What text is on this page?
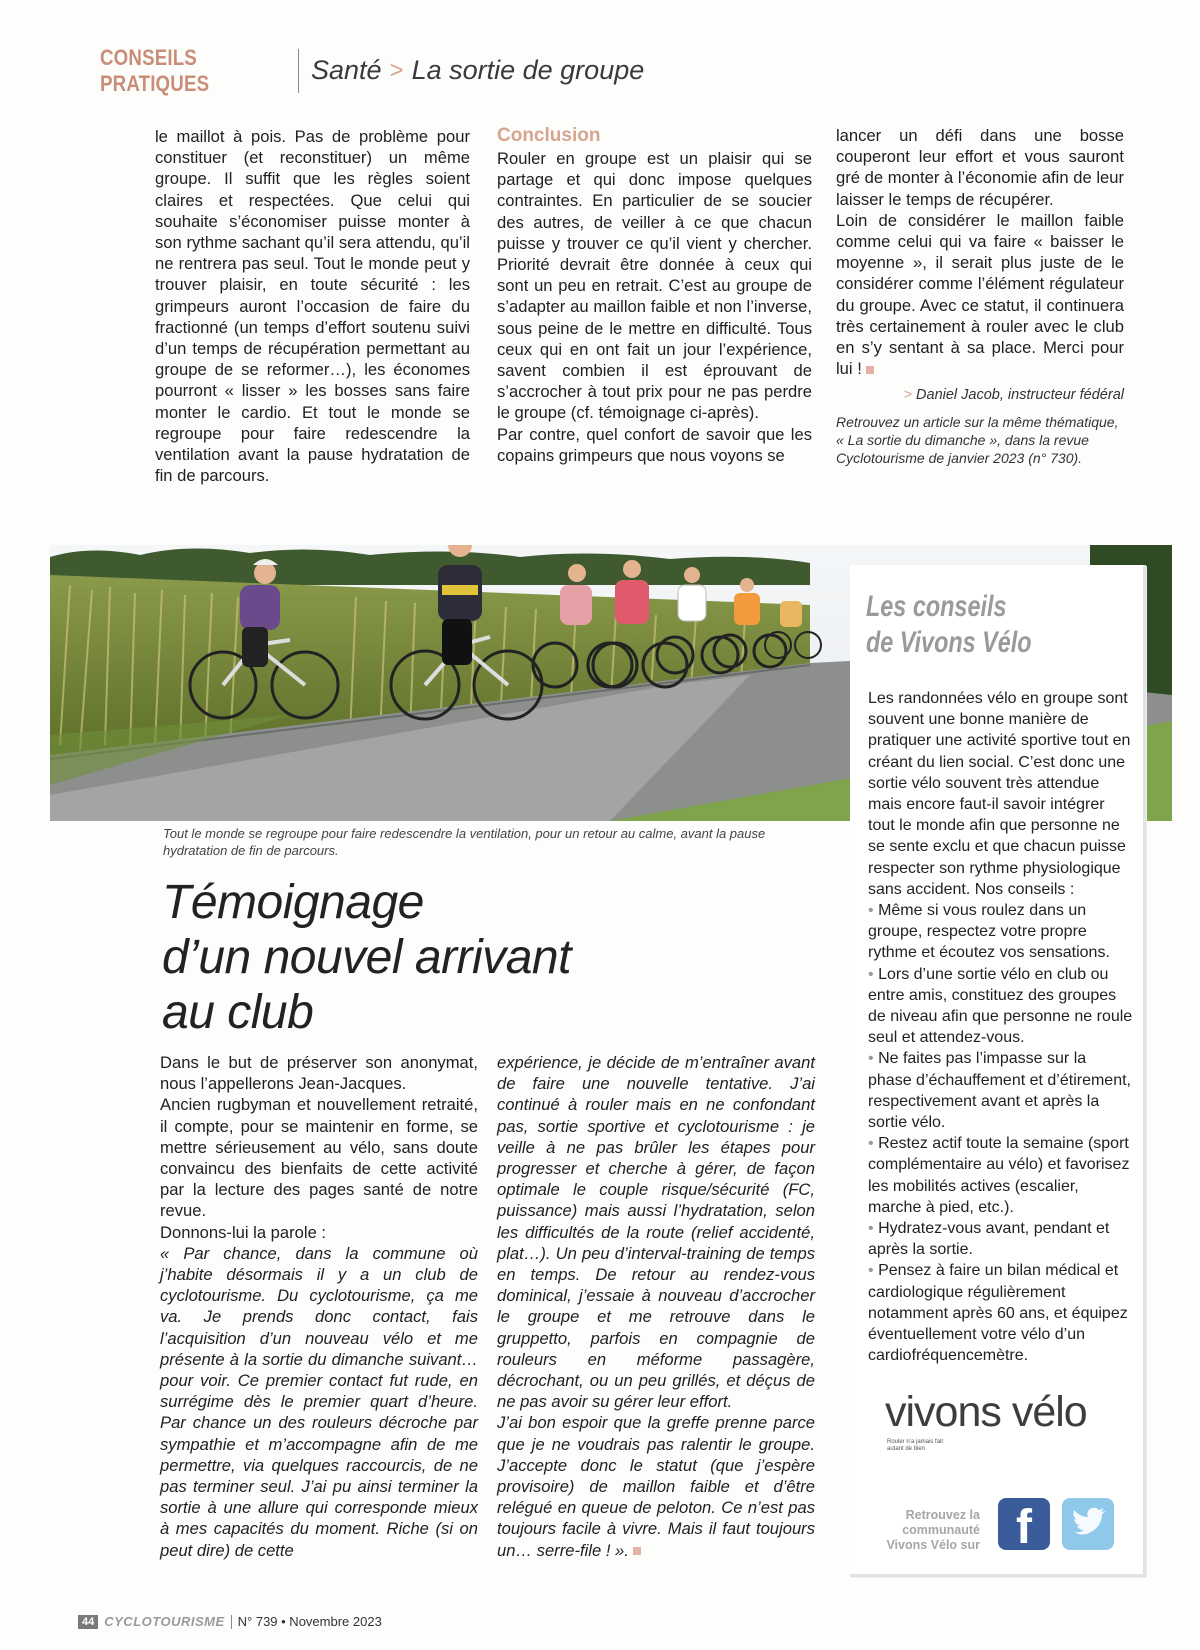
CONSEILS PRATIQUES	Santé > La sortie de groupe

le maillot à pois. Pas de problème pour constituer (et reconstituer) un même groupe. Il suffit que les règles soient claires et respectées. Que celui qui souhaite s’économiser puisse monter à son rythme sachant qu’il sera attendu, qu’il ne rentrera pas seul. Tout le monde peut y trouver plaisir, en toute sécurité : les grimpeurs auront l’occasion de faire du fractionné (un temps d’effort soutenu suivi d’un temps de récupération permettant au groupe de se reformer…), les économes pourront « lisser » les bosses sans faire monter le cardio. Et tout le monde se regroupe pour faire redescendre la ventilation avant la pause hydratation de fin de parcours.

Conclusion

Rouler en groupe est un plaisir qui se partage et qui donc impose quelques contraintes. En particulier de se soucier des autres, de veiller à ce que chacun puisse y trouver ce qu’il vient y chercher. Priorité devrait être donnée à ceux qui sont un peu en retrait. C’est au groupe de s’adapter au maillon faible et non l’inverse, sous peine de le mettre en difficulté. Tous ceux qui en ont fait un jour l’expérience, savent combien il est éprouvant de s’accrocher à tout prix pour ne pas perdre le groupe (cf. témoignage ci-après).

Par contre, quel confort de savoir que les copains grimpeurs que nous voyons se

lancer un défi dans une bosse couperont leur effort et vous sauront gré de monter à l’économie afin de leur laisser le temps de récupérer.

Loin de considérer le maillon faible comme celui qui va faire « baisser le moyenne », il serait plus juste de le considérer comme l’élément régulateur du groupe. Avec ce statut, il continuera très certainement à rouler avec le club en s’y sentant à sa place. Merci pour lui !

> Daniel Jacob, instructeur fédéral

Retrouvez un article sur la même thématique, « La sortie du dimanche », dans la revue Cyclotourisme de janvier 2023 (n° 730).

Tout le monde se regroupe pour faire redescendre la ventilation, pour un retour au calme, avant la pause hydratation de fin de parcours.
Les conseils
de Vivons Vélo
Les randonnées vélo en groupe sont souvent une bonne manière de pratiquer une activité sportive tout en créant du lien social. C’est donc une sortie vélo souvent très attendue mais encore faut-il savoir intégrer tout le monde afin que personne ne se sente exclu et que chacun puisse respecter son rythme physiologique sans accident. Nos conseils :
• Même si vous roulez dans un groupe, respectez votre propre rythme et écoutez vos sensations.
• Lors d’une sortie vélo en club ou entre amis, constituez des groupes de niveau afin que personne ne roule seul et attendez-vous.
• Ne faites pas l’impasse sur la phase d’échauffement et d’étirement, respectivement avant et après la sortie vélo.
• Restez actif toute la semaine (sport complémentaire au vélo) et favorisez les mobilités actives (escalier, marche à pied, etc.).
• Hydratez-vous avant, pendant et après la sortie.
• Pensez à faire un bilan médical et cardiologique régulièrement notamment après 60 ans, et équipez éventuellement votre vélo d’un cardiofréquencemètre.
vivons vélo
Rouler n’a jamais fait autant de bien
Retrouvez la communauté Vivons Vélo sur f
Témoignage
d’un nouvel arrivant
au club

Dans le but de préserver son anonymat, nous l’appellerons Jean-Jacques.

Ancien rugbyman et nouvellement retraité, il compte, pour se maintenir en forme, se mettre sérieusement au vélo, sans doute convaincu des bienfaits de cette activité par la lecture des pages santé de notre revue.

Donnons-lui la parole :

« Par chance, dans la commune où j’habite désormais il y a un club de cyclotourisme. Du cyclotourisme, ça me va. Je prends donc contact, fais l’acquisition d’un nouveau vélo et me présente à la sortie du dimanche suivant… pour voir. Ce premier contact fut rude, en surrégime dès le premier quart d’heure. Par chance un des rouleurs décroche par sympathie et m’accompagne afin de me permettre, via quelques raccourcis, de ne pas terminer seul. J’ai pu ainsi terminer la sortie à une allure qui corresponde mieux à mes capacités du moment. Riche (si on peut dire) de cette

expérience, je décide de m’entraîner avant de faire une nouvelle tentative. J’ai continué à rouler mais en ne confondant pas, sortie sportive et cyclotourisme : je veille à ne pas brûler les étapes pour progresser et cherche à gérer, de façon optimale le couple risque/sécurité (FC, puissance) mais aussi l’hydratation, selon les difficultés de la route (relief accidenté, plat…). Un peu d’interval-training de temps en temps. De retour au rendez-vous dominical, j’essaie à nouveau d’accrocher le groupe et me retrouve dans le gruppetto, parfois en compagnie de rouleurs en méforme passagère, décrochant, ou un peu grillés, et déçus de ne pas avoir su gérer leur effort.

J’ai bon espoir que la greffe prenne parce que je ne voudrais pas ralentir le groupe. J’accepte donc le statut (que j’espère provisoire) de maillon faible et d’être relégué en queue de peloton. Ce n’est pas toujours facile à vivre. Mais il faut toujours un… serre-file ! ».

44 CYCLOTOURISME N° 739 • Novembre 2023
